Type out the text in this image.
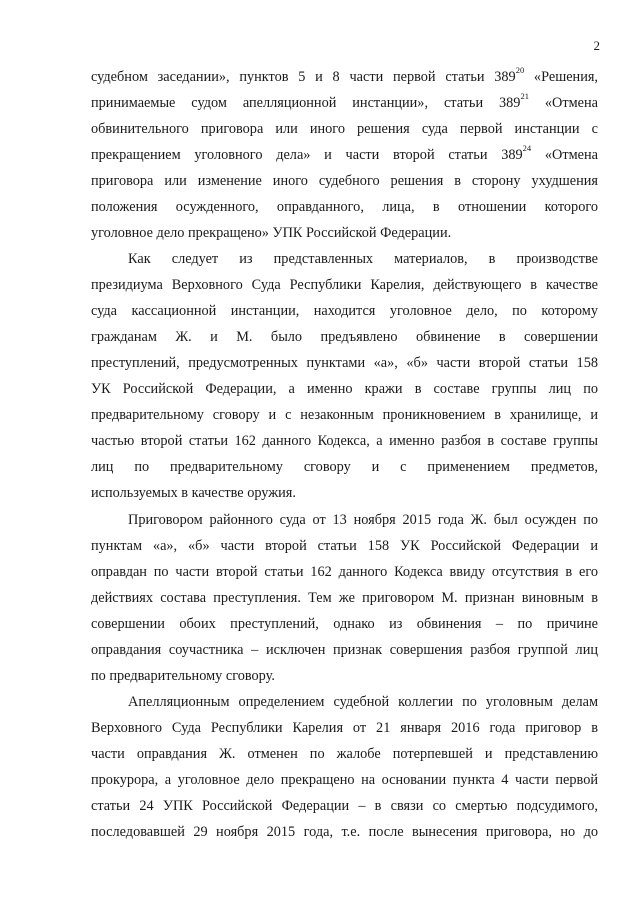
2
судебном заседании», пунктов 5 и 8 части первой статьи $389^{20}$ «Решения,
принимаемые судом апелляционной инстанции», статьи $389^{21}$ «Отмена
обвинительного приговора или иного решения суда первой инстанции с
прекращением уголовного дела» и части второй статьи $389^{24}$ «Отмена
приговора или изменение иного судебного решения в сторону ухудшения
положения осужденного, оправданного, лица, в отношении которого
уголовное дело прекращено» УПК Российской Федерации.
Как следует из представленных материалов, в производстве
президиума Верховного Суда Республики Карелия, действующего в качестве
суда кассационной инстанции, находится уголовное дело, по которому
гражданам Ж. и М. было предъявлено обвинение в совершении
преступлений, предусмотренных пунктами «а», «б» части второй статьи 158
УК Российской Федерации, а именно кражи в составе группы лиц по
предварительному сговору и с незаконным проникновением в хранилище, и
частью второй статьи 162 данного Кодекса, а именно разбоя в составе группы
лиц по предварительному сговору и с применением предметов,
используемых в качестве оружия.
Приговором районного суда от 13 ноября 2015 года Ж. был осужден по
пунктам «а», «б» части второй статьи 158 УК Российской Федерации и
оправдан по части второй статьи 162 данного Кодекса ввиду отсутствия в его
действиях состава преступления. Тем же приговором М. признан виновным в
совершении обоих преступлений, однако из обвинения – по причине
оправдания соучастника – исключен признак совершения разбоя группой лиц
по предварительному сговору.
Апелляционным определением судебной коллегии по уголовным делам
Верховного Суда Республики Карелия от 21 января 2016 года приговор в
части оправдания Ж. отменен по жалобе потерпевшей и представлению
прокурора, а уголовное дело прекращено на основании пункта 4 части первой
статьи 24 УПК Российской Федерации – в связи со смертью подсудимого,
последовавшей 29 ноября 2015 года, т.е. после вынесения приговора, но до
